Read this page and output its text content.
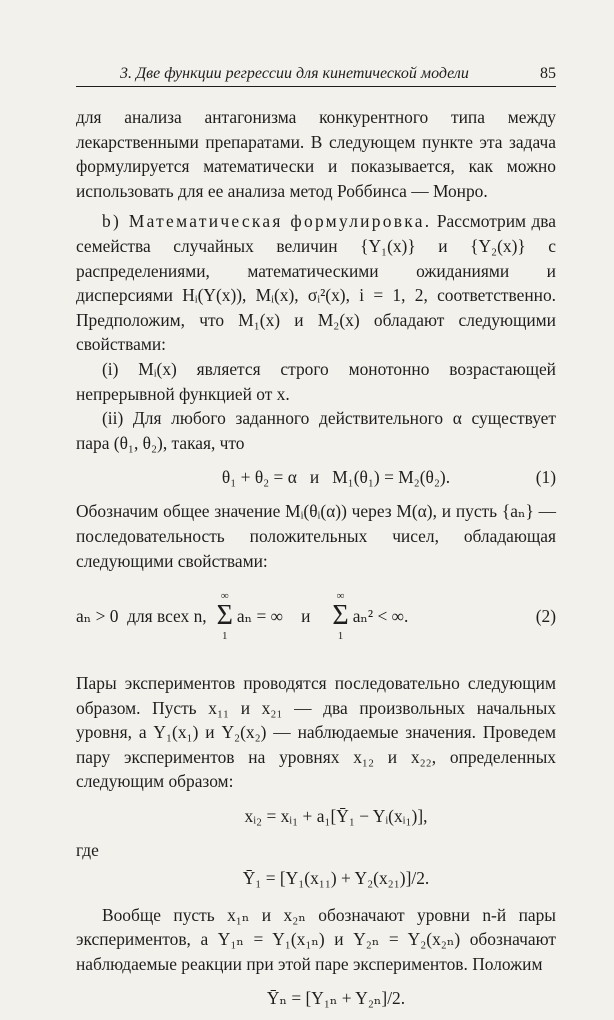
3. Две функции регрессии для кинетической модели	85

для анализа антагонизма конкурентного типа между лекарственными препаратами. В следующем пункте эта задача формулируется математически и показывается, как можно использовать для ее анализа метод Роббинса — Монро.

b) Математическая формулировка. Рассмотрим два семейства случайных величин {Y₁(x)} и {Y₂(x)} с распределениями, математическими ожиданиями и дисперсиями Hᵢ(Y(x)), Mᵢ(x), σᵢ²(x), i = 1, 2, соответственно. Предположим, что M₁(x) и M₂(x) обладают следующими свойствами:

(i) Mᵢ(x) является строго монотонно возрастающей непрерывной функцией от x.

(ii) Для любого заданного действительного α существует пара (θ₁, θ₂), такая, что

θ₁ + θ₂ = α   и   M₁(θ₁) = M₂(θ₂).	(1)

Обозначим общее значение Mᵢ(θᵢ(α)) через M(α), и пусть {aₙ} — последовательность положительных чисел, обладающая следующими свойствами:

aₙ > 0  для всех n,
∞
Σ
1
aₙ = ∞ и
∞
Σ
1
aₙ² < ∞.	(2)

Пары экспериментов проводятся последовательно следующим образом. Пусть x₁₁ и x₂₁ — два произвольных начальных уровня, а Y₁(x₁) и Y₂(x₂) — наблюдаемые значения. Проведем пару экспериментов на уровнях x₁₂ и x₂₂, определенных следующим образом:

xᵢ₂ = xᵢ₁ + a₁[Ȳ₁ − Yᵢ(xᵢ₁)],

где

Ȳ₁ = [Y₁(x₁₁) + Y₂(x₂₁)]/2.

Вообще пусть x₁ₙ и x₂ₙ обозначают уровни n-й пары экспериментов, а Y₁ₙ = Y₁(x₁ₙ) и Y₂ₙ = Y₂(x₂ₙ) обозначают наблюдаемые реакции при этой паре экспериментов. Положим

Ȳₙ = [Y₁ₙ + Y₂ₙ]/2.
